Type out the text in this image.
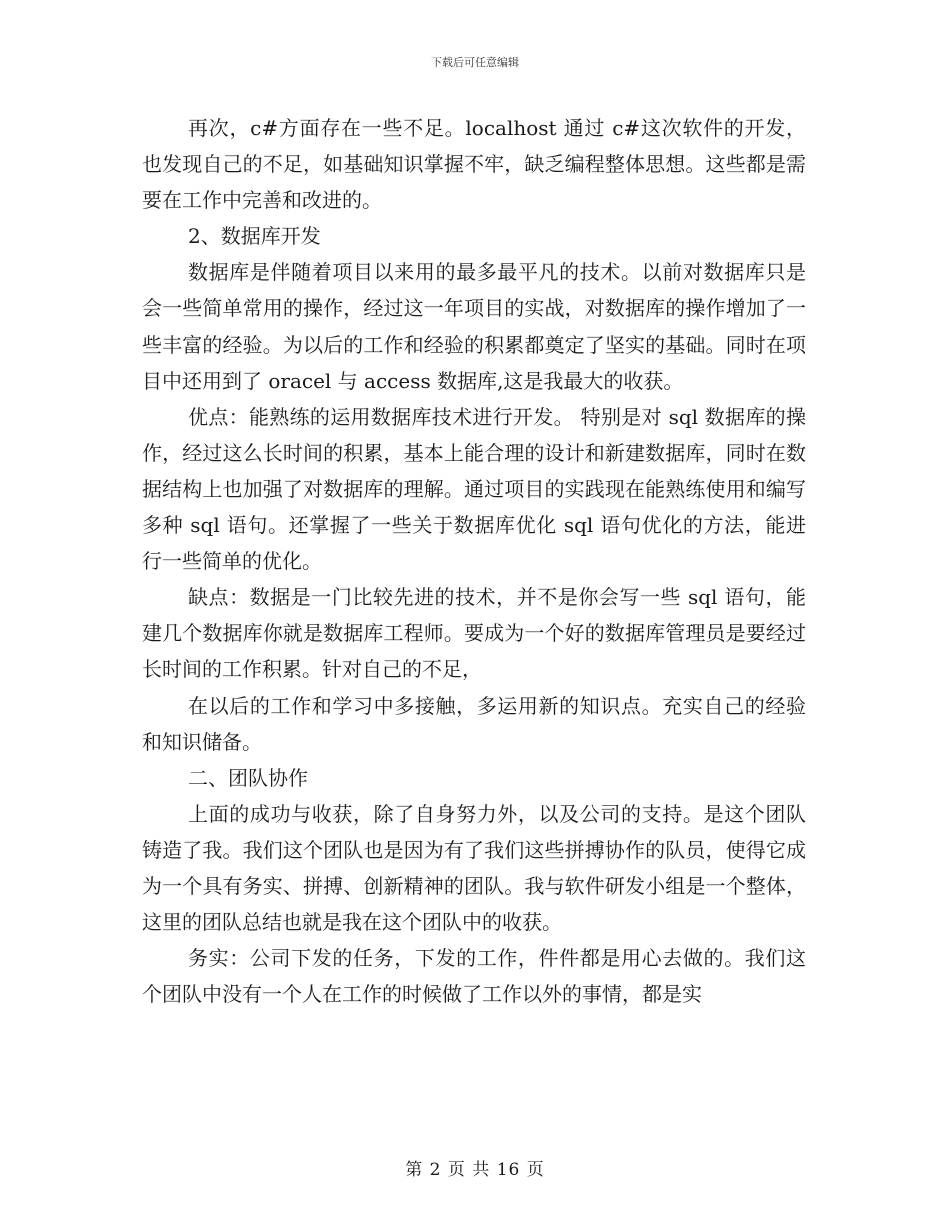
下载后可任意编辑

再次，c#方面存在一些不足。localhost 通过 c#这次软件的开发，也发现自己的不足，如基础知识掌握不牢，缺乏编程整体思想。这些都是需要在工作中完善和改进的。

2、数据库开发

数据库是伴随着项目以来用的最多最平凡的技术。以前对数据库只是会一些简单常用的操作，经过这一年项目的实战，对数据库的操作增加了一些丰富的经验。为以后的工作和经验的积累都奠定了坚实的基础。同时在项目中还用到了 oracel 与 access 数据库,这是我最大的收获。

优点：能熟练的运用数据库技术进行开发。 特别是对 sql 数据库的操作，经过这么长时间的积累，基本上能合理的设计和新建数据库，同时在数据结构上也加强了对数据库的理解。通过项目的实践现在能熟练使用和编写多种 sql 语句。还掌握了一些关于数据库优化 sql 语句优化的方法，能进行一些简单的优化。

缺点：数据是一门比较先进的技术，并不是你会写一些 sql 语句，能建几个数据库你就是数据库工程师。要成为一个好的数据库管理员是要经过长时间的工作积累。针对自己的不足，

在以后的工作和学习中多接触，多运用新的知识点。充实自己的经验和知识储备。

二、团队协作

上面的成功与收获，除了自身努力外，以及公司的支持。是这个团队铸造了我。我们这个团队也是因为有了我们这些拼搏协作的队员，使得它成为一个具有务实、拼搏、创新精神的团队。我与软件研发小组是一个整体，这里的团队总结也就是我在这个团队中的收获。

务实：公司下发的任务，下发的工作，件件都是用心去做的。我们这个团队中没有一个人在工作的时候做了工作以外的事情，都是实

第 2 页 共 16 页
